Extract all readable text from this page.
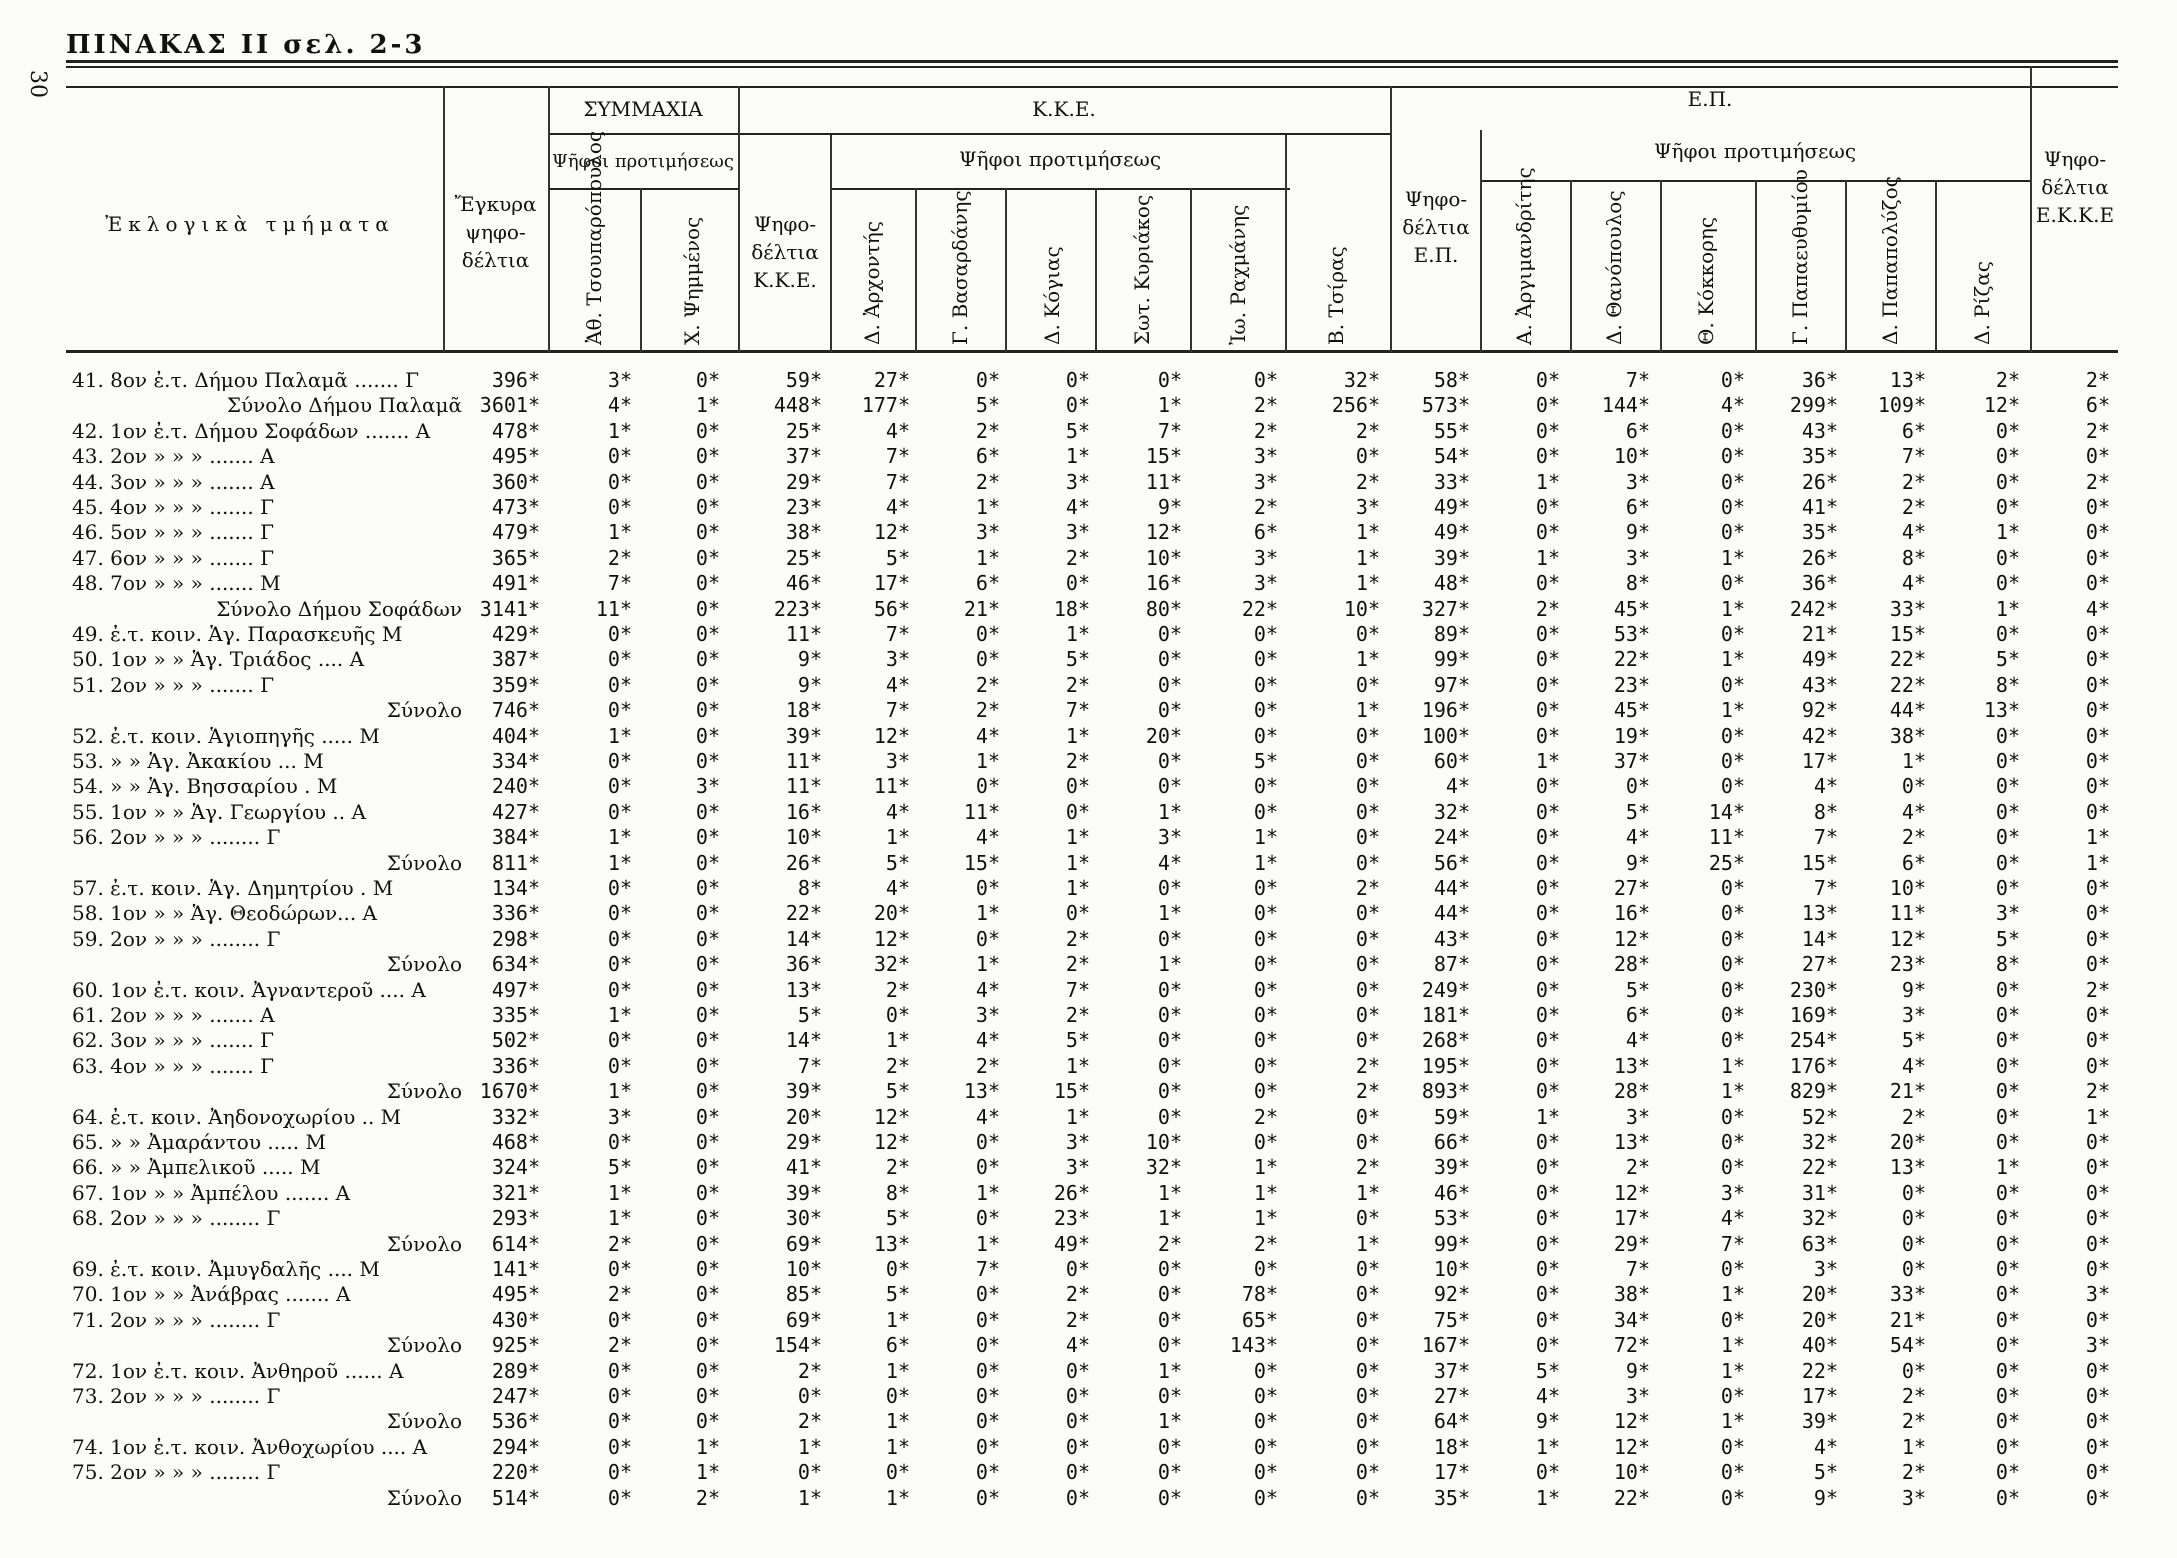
30
ΠΙΝΑΚΑΣ ΙΙ σελ. 2-3
Ἐκλογικὰ τμήματα
Ἔγκυρα
ψηφο-
δέλτια
ΣΥΜΜΑΧΙΑ
Ψῆφοι προτιμήσεως
Κ.Κ.Ε.
Ψῆφοι προτιμήσεως
Ψηφο-
δέλτια
Κ.Κ.Ε.
Ε.Π.
Ψῆφοι προτιμήσεως
Ψηφο-
δέλτια
Ε.Π.
Ψηφο-
δέλτια
Ε.Κ.Κ.Ε
Ἀθ. Τσουπαρόπουλος	Χ. Ψημμένος	Δ. Ἀρχοντής	Γ. Βασαρδάνης	Δ. Κόγιας	Σωτ. Κυριάκος	Ἰω. Ραχμάνης	Β. Τσίρας	Α. Ἀργιμανδρίτης	Δ. Θανόπουλος	Θ. Κόκκορης	Γ. Παπαευθυμίου	Δ. Παπαπολύζος	Δ. Ρίζας
41. 8ον ἐ.τ. Δήμου Παλαμᾶ ....... Γ	396*	3*	0*	59*	27*	0*	0*	0*	0*	32*	58*	0*	7*	0*	36*	13*	2*	2*
Σύνολο Δήμου Παλαμᾶ 3601*	4*	1*	448* 177*	5*	0*	1*	2*	256* 573*	0* 144*	4* 299* 109*	12*	6*
42. 1ον ἐ.τ. Δήμου Σοφάδων ....... Α	478*	1*	0*	25*	4*	2*	5*	7*	2*	2*	55*	0*	6*	0*	43*	6*	0*	2*
43. 2ον » » » ....... Α	495*	0*	0*	37*	7*	6*	1*	15*	3*	0*	54*	0*	10*	0*	35*	7*	0*	0*
44. 3ον » » » ....... Α	360*	0*	0*	29*	7*	2*	3*	11*	3*	2*	33*	1*	3*	0*	26*	2*	0*	2*
45. 4ον » » » ....... Γ	473*	0*	0*	23*	4*	1*	4*	9*	2*	3*	49*	0*	6*	0*	41*	2*	0*	0*
46. 5ον » » » ....... Γ	479*	1*	0*	38*	12*	3*	3*	12*	6*	1*	49*	0*	9*	0*	35*	4*	1*	0*
47. 6ον » » » ....... Γ	365*	2*	0*	25*	5*	1*	2*	10*	3*	1*	39*	1*	3*	1*	26*	8*	0*	0*
48. 7ον » » » ....... Μ	491*	7*	0*	46*	17*	6*	0*	16*	3*	1*	48*	0*	8*	0*	36*	4*	0*	0*
Σύνολο Δήμου Σοφάδων 3141*	11*	0*	223*	56*	21*	18*	80*	22*	10* 327*	2*	45*	1* 242*	33*	1*	4*
49. ἐ.τ. κοιν. Ἁγ. Παρασκευῆς Μ	429*	0*	0*	11*	7*	0*	1*	0*	0*	0*	89*	0*	53*	0*	21*	15*	0*	0*
50. 1ον » » Ἁγ. Τριάδος .... Α	387*	0*	0*	9*	3*	0*	5*	0*	0*	1*	99*	0*	22*	1*	49*	22*	5*	0*
51. 2ον » » » ....... Γ	359*	0*	0*	9*	4*	2*	2*	0*	0*	0*	97*	0*	23*	0*	43*	22*	8*	0*
Σύνολο 746*	0*	0*	18*	7*	2*	7*	0*	0*	1* 196*	0*	45*	1*	92*	44*	13*	0*
52. ἐ.τ. κοιν. Ἁγιοπηγῆς ..... Μ	404*	1*	0*	39*	12*	4*	1*	20*	0*	0* 100*	0*	19*	0*	42*	38*	0*	0*
53. » » Ἁγ. Ἀκακίου ... Μ	334*	0*	0*	11*	3*	1*	2*	0*	5*	0*	60*	1*	37*	0*	17*	1*	0*	0*
54. » » Ἁγ. Βησσαρίου . Μ	240*	0*	3*	11*	11*	0*	0*	0*	0*	0*	4*	0*	0*	0*	4*	0*	0*	0*
55. 1ον » » Ἁγ. Γεωργίου .. Α	427*	0*	0*	16*	4*	11*	0*	1*	0*	0*	32*	0*	5*	14*	8*	4*	0*	0*
56. 2ον » » » ........ Γ	384*	1*	0*	10*	1*	4*	1*	3*	1*	0*	24*	0*	4*	11*	7*	2*	0*	1*
Σύνολο 811*	1*	0*	26*	5*	15*	1*	4*	1*	0*	56*	0*	9*	25*	15*	6*	0*	1*
57. ἐ.τ. κοιν. Ἁγ. Δημητρίου . Μ	134*	0*	0*	8*	4*	0*	1*	0*	0*	2*	44*	0*	27*	0*	7*	10*	0*	0*
58. 1ον » » Ἁγ. Θεοδώρων... Α	336*	0*	0*	22*	20*	1*	0*	1*	0*	0*	44*	0*	16*	0*	13*	11*	3*	0*
59. 2ον » » » ........ Γ	298*	0*	0*	14*	12*	0*	2*	0*	0*	0*	43*	0*	12*	0*	14*	12*	5*	0*
Σύνολο 634*	0*	0*	36*	32*	1*	2*	1*	0*	0*	87*	0*	28*	0*	27*	23*	8*	0*
60. 1ον ἐ.τ. κοιν. Ἀγναντεροῦ .... Α	497*	0*	0*	13*	2*	4*	7*	0*	0*	0* 249*	0*	5*	0* 230*	9*	0*	2*
61. 2ον » » » ....... Α	335*	1*	0*	5*	0*	3*	2*	0*	0*	0* 181*	0*	6*	0* 169*	3*	0*	0*
62. 3ον » » » ....... Γ	502*	0*	0*	14*	1*	4*	5*	0*	0*	0* 268*	0*	4*	0* 254*	5*	0*	0*
63. 4ον » » » ....... Γ	336*	0*	0*	7*	2*	2*	1*	0*	0*	2* 195*	0*	13*	1* 176*	4*	0*	0*
Σύνολο 1670*	1*	0*	39*	5*	13*	15*	0*	0*	2* 893*	0*	28*	1* 829*	21*	0*	2*
64. ἐ.τ. κοιν. Ἀηδονοχωρίου .. Μ	332*	3*	0*	20*	12*	4*	1*	0*	2*	0*	59*	1*	3*	0*	52*	2*	0*	1*
65. » » Ἀμαράντου ..... Μ	468*	0*	0*	29*	12*	0*	3*	10*	0*	0*	66*	0*	13*	0*	32*	20*	0*	0*
66. » » Ἀμπελικοῦ ..... Μ	324*	5*	0*	41*	2*	0*	3*	32*	1*	2*	39*	0*	2*	0*	22*	13*	1*	0*
67. 1ον » » Ἀμπέλου ....... Α	321*	1*	0*	39*	8*	1*	26*	1*	1*	1*	46*	0*	12*	3*	31*	0*	0*	0*
68. 2ον » » » ........ Γ	293*	1*	0*	30*	5*	0*	23*	1*	1*	0*	53*	0*	17*	4*	32*	0*	0*	0*
Σύνολο 614*	2*	0*	69*	13*	1*	49*	2*	2*	1*	99*	0*	29*	7*	63*	0*	0*	0*
69. ἐ.τ. κοιν. Ἀμυγδαλῆς .... Μ	141*	0*	0*	10*	0*	7*	0*	0*	0*	0*	10*	0*	7*	0*	3*	0*	0*	0*
70. 1ον » » Ἀνάβρας ....... Α	495*	2*	0*	85*	5*	0*	2*	0*	78*	0*	92*	0*	38*	1*	20*	33*	0*	3*
71. 2ον » » » ........ Γ	430*	0*	0*	69*	1*	0*	2*	0*	65*	0*	75*	0*	34*	0*	20*	21*	0*	0*
Σύνολο 925*	2*	0*	154*	6*	0*	4*	0* 143*	0* 167*	0*	72*	1*	40*	54*	0*	3*
72. 1ον ἐ.τ. κοιν. Ἀνθηροῦ ...... Α	289*	0*	0*	2*	1*	0*	0*	1*	0*	0*	37*	5*	9*	1*	22*	0*	0*	0*
73. 2ον » » » ........ Γ	247*	0*	0*	0*	0*	0*	0*	0*	0*	0*	27*	4*	3*	0*	17*	2*	0*	0*
Σύνολο 536*	0*	0*	2*	1*	0*	0*	1*	0*	0*	64*	9*	12*	1*	39*	2*	0*	0*
74. 1ον ἐ.τ. κοιν. Ἀνθοχωρίου .... Α	294*	0*	1*	1*	1*	0*	0*	0*	0*	0*	18*	1*	12*	0*	4*	1*	0*	0*
75. 2ον » » » ........ Γ	220*	0*	1*	0*	0*	0*	0*	0*	0*	0*	17*	0*	10*	0*	5*	2*	0*	0*
Σύνολο 514*	0*	2*	1*	1*	0*	0*	0*	0*	0*	35*	1*	22*	0*	9*	3*	0*	0*
